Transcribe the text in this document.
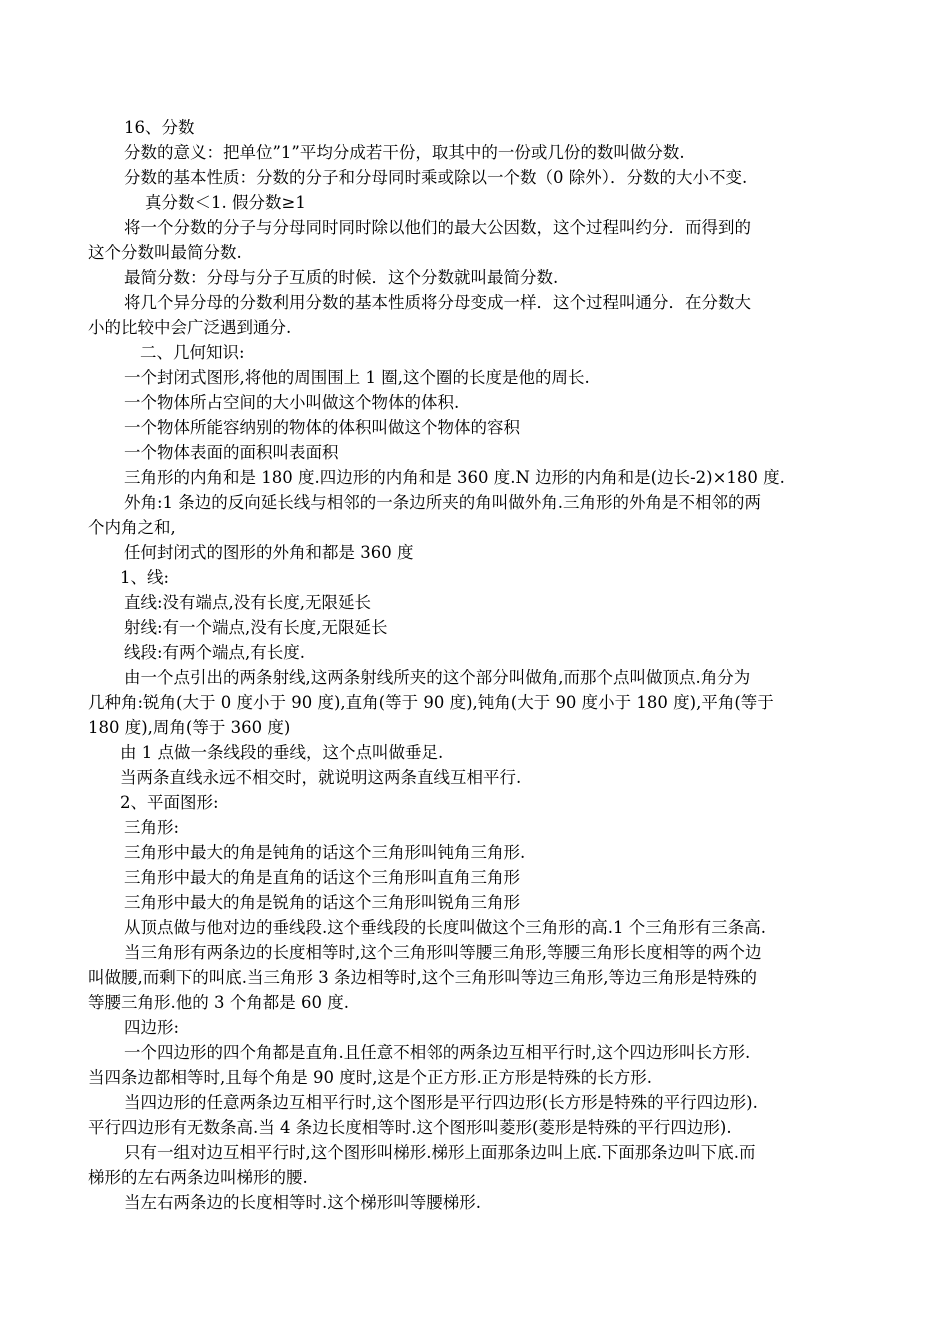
16、分数
分数的意义：把单位”1”平均分成若干份，取其中的一份或几份的数叫做分数.
分数的基本性质：分数的分子和分母同时乘或除以一个数（0 除外）．分数的大小不变.
真分数＜1. 假分数≥1
将一个分数的分子与分母同时同时除以他们的最大公因数，这个过程叫约分．而得到的
这个分数叫最简分数.
最简分数：分母与分子互质的时候．这个分数就叫最简分数.
将几个异分母的分数利用分数的基本性质将分母变成一样．这个过程叫通分．在分数大
小的比较中会广泛遇到通分.
二、几何知识:
一个封闭式图形,将他的周围围上 1 圈,这个圈的长度是他的周长.
一个物体所占空间的大小叫做这个物体的体积.
一个物体所能容纳别的物体的体积叫做这个物体的容积
一个物体表面的面积叫表面积
三角形的内角和是 180 度.四边形的内角和是 360 度.N 边形的内角和是(边长-2)×180 度.
外角:1 条边的反向延长线与相邻的一条边所夹的角叫做外角.三角形的外角是不相邻的两
个内角之和,
任何封闭式的图形的外角和都是 360 度
1、线:
直线:没有端点,没有长度,无限延长
射线:有一个端点,没有长度,无限延长
线段:有两个端点,有长度.
由一个点引出的两条射线,这两条射线所夹的这个部分叫做角,而那个点叫做顶点.角分为
几种角:锐角(大于 0 度小于 90 度),直角(等于 90 度),钝角(大于 90 度小于 180 度),平角(等于
180 度),周角(等于 360 度)
由 1 点做一条线段的垂线，这个点叫做垂足.
当两条直线永远不相交时，就说明这两条直线互相平行.
2、平面图形:
三角形:
三角形中最大的角是钝角的话这个三角形叫钝角三角形.
三角形中最大的角是直角的话这个三角形叫直角三角形
三角形中最大的角是锐角的话这个三角形叫锐角三角形
从顶点做与他对边的垂线段.这个垂线段的长度叫做这个三角形的高.1 个三角形有三条高.
当三角形有两条边的长度相等时,这个三角形叫等腰三角形,等腰三角形长度相等的两个边
叫做腰,而剩下的叫底.当三角形 3 条边相等时,这个三角形叫等边三角形,等边三角形是特殊的
等腰三角形.他的 3 个角都是 60 度.
四边形:
一个四边形的四个角都是直角.且任意不相邻的两条边互相平行时,这个四边形叫长方形.
当四条边都相等时,且每个角是 90 度时,这是个正方形.正方形是特殊的长方形.
当四边形的任意两条边互相平行时,这个图形是平行四边形(长方形是特殊的平行四边形).
平行四边形有无数条高.当 4 条边长度相等时.这个图形叫菱形(菱形是特殊的平行四边形).
只有一组对边互相平行时,这个图形叫梯形.梯形上面那条边叫上底.下面那条边叫下底.而
梯形的左右两条边叫梯形的腰.
当左右两条边的长度相等时.这个梯形叫等腰梯形.
